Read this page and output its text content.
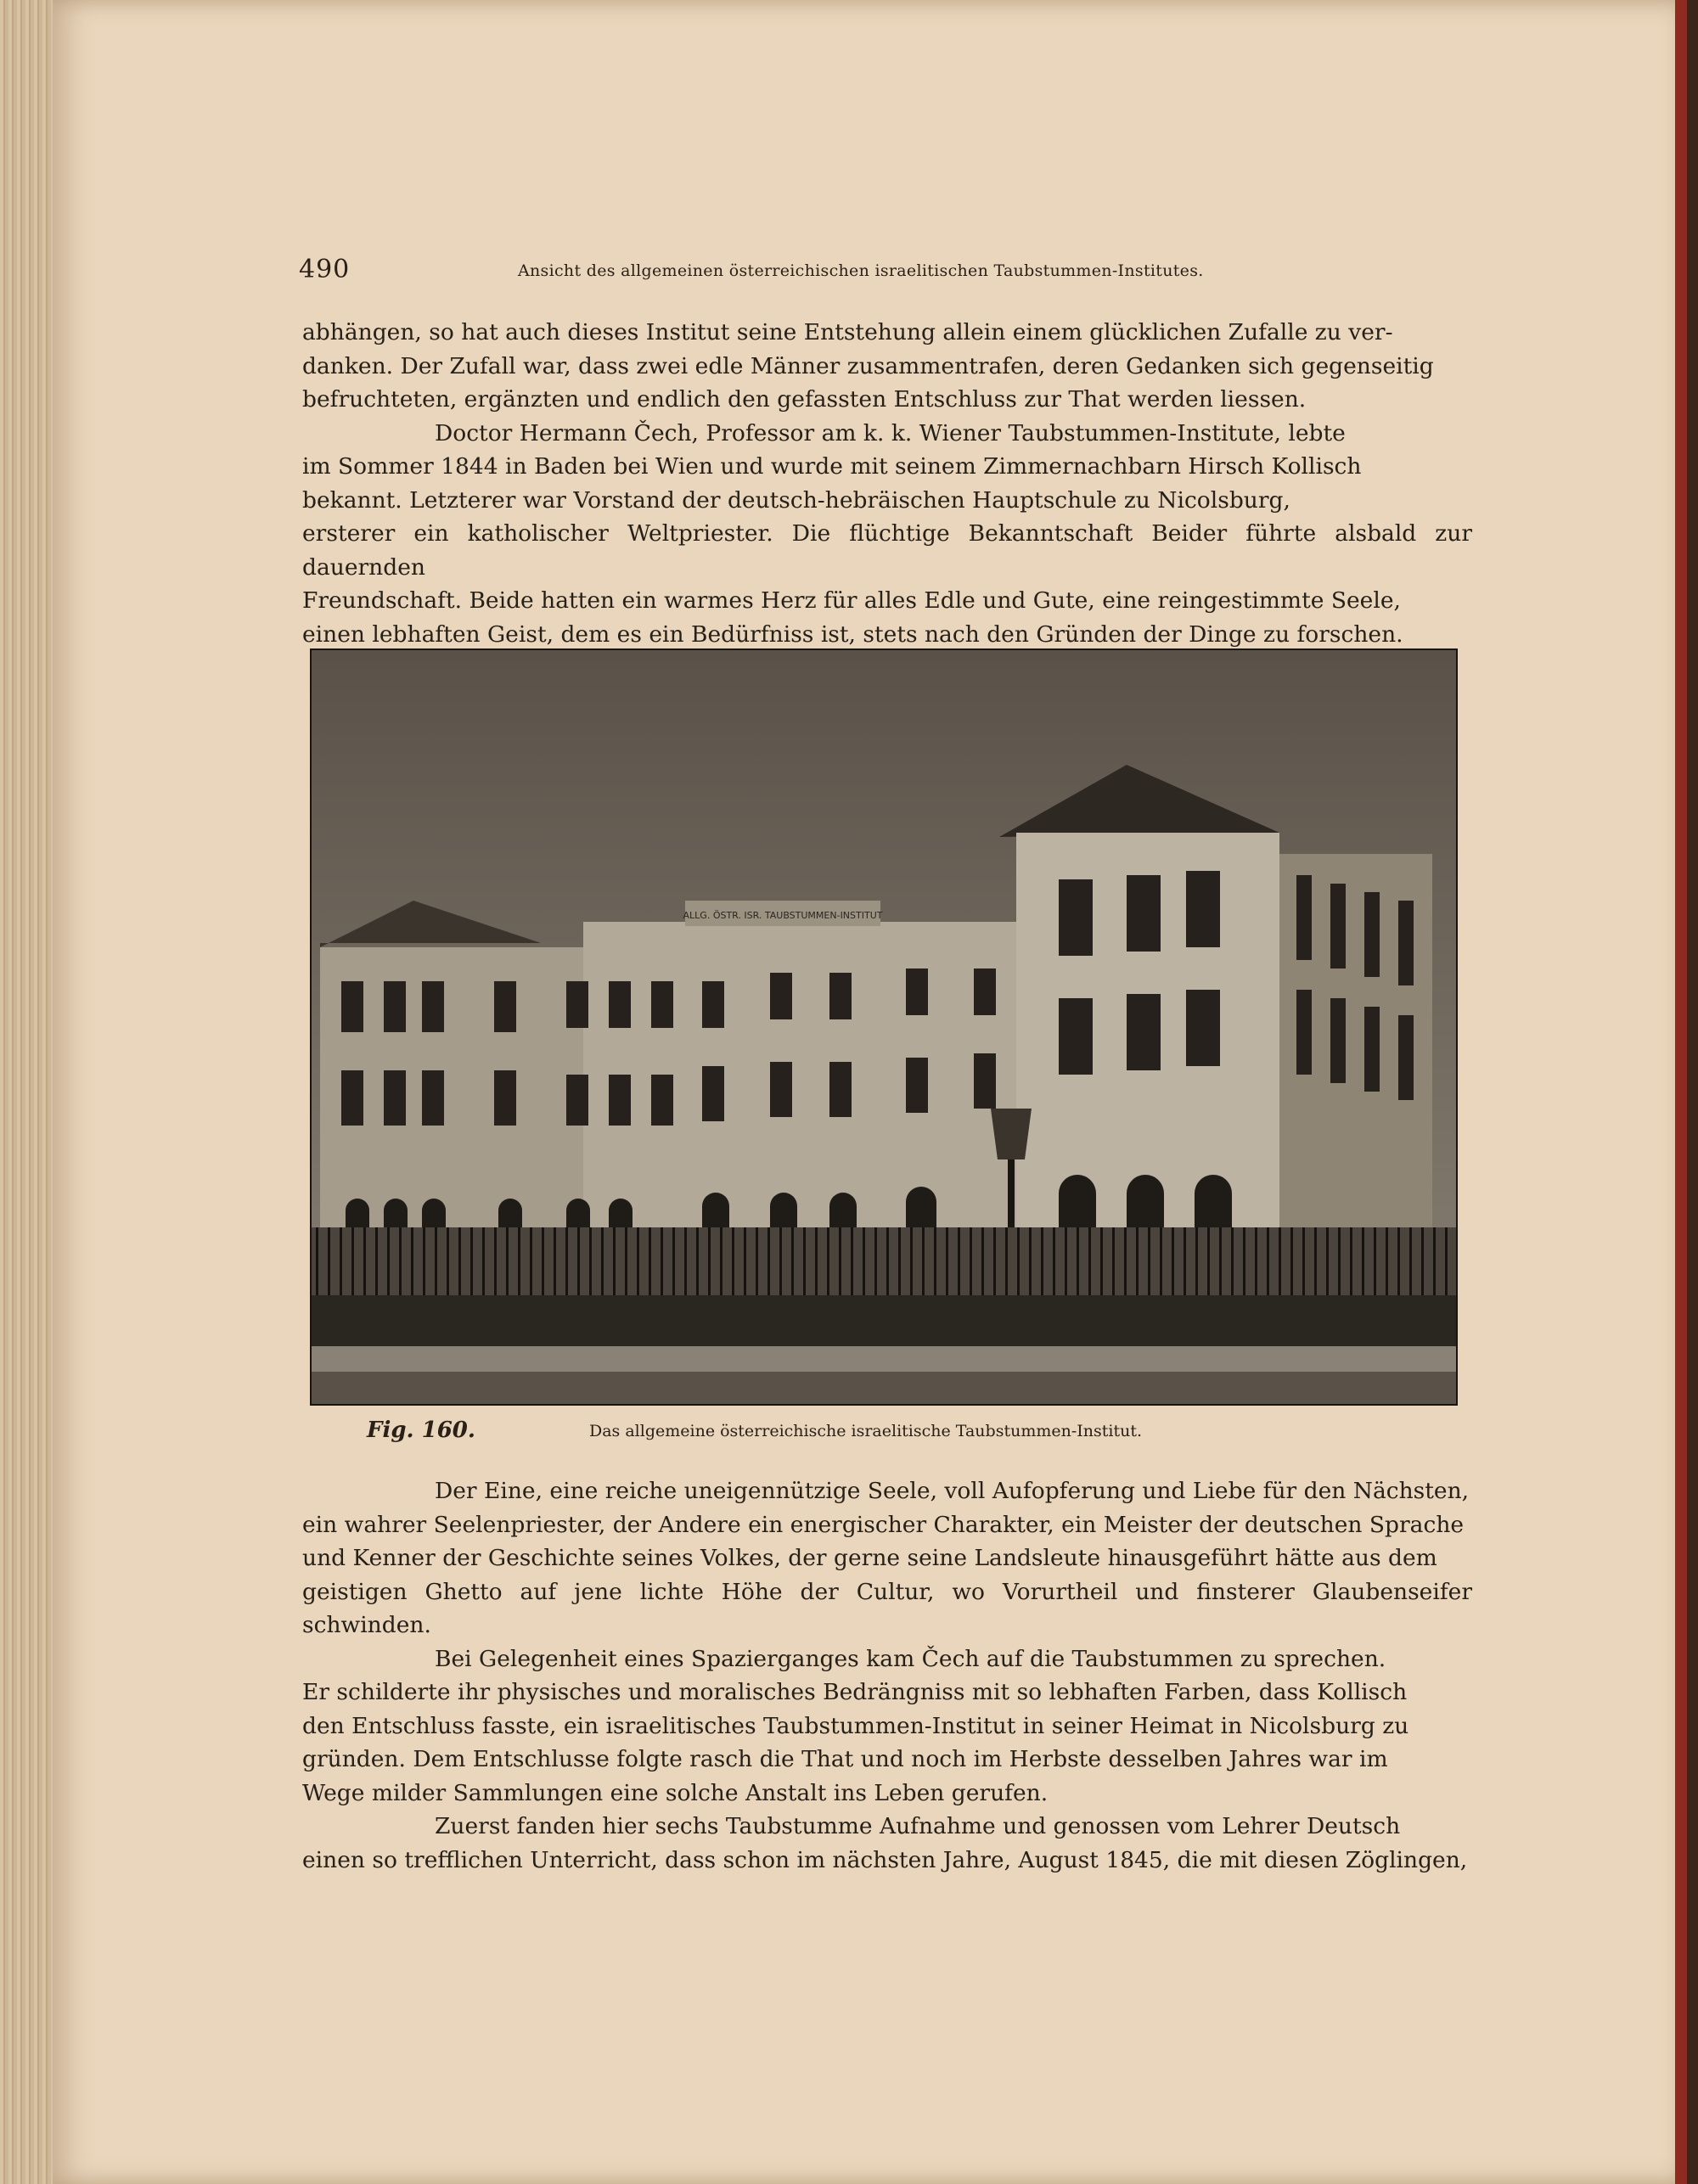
490	Ansicht des allgemeinen österreichischen israelitischen Taubstummen-Institutes.
abhängen, so hat auch dieses Institut seine Entstehung allein einem glücklichen Zufalle zu ver-
danken. Der Zufall war, dass zwei edle Männer zusammentrafen, deren Gedanken sich gegenseitig
befruchteten, ergänzten und endlich den gefassten Entschluss zur That werden liessen.
Doctor Hermann Čech, Professor am k. k. Wiener Taubstummen-Institute, lebte
im Sommer 1844 in Baden bei Wien und wurde mit seinem Zimmernachbarn Hirsch Kollisch
bekannt. Letzterer war Vorstand der deutsch-hebräischen Hauptschule zu Nicolsburg,
ersterer ein katholischer Weltpriester. Die flüchtige Bekanntschaft Beider führte alsbald zur dauernden
Freundschaft. Beide hatten ein warmes Herz für alles Edle und Gute, eine reingestimmte Seele,
einen lebhaften Geist, dem es ein Bedürfniss ist, stets nach den Gründen der Dinge zu forschen.
ALLG. ÖSTR. ISR. TAUBSTUMMEN-INSTITUT
Fig. 160.	Das allgemeine österreichische israelitische Taubstummen-Institut.
Der Eine, eine reiche uneigennützige Seele, voll Aufopferung und Liebe für den Nächsten,
ein wahrer Seelenpriester, der Andere ein energischer Charakter, ein Meister der deutschen Sprache
und Kenner der Geschichte seines Volkes, der gerne seine Landsleute hinausgeführt hätte aus dem
geistigen Ghetto auf jene lichte Höhe der Cultur, wo Vorurtheil und finsterer Glaubenseifer schwinden.
Bei Gelegenheit eines Spazierganges kam Čech auf die Taubstummen zu sprechen.
Er schilderte ihr physisches und moralisches Bedrängniss mit so lebhaften Farben, dass Kollisch
den Entschluss fasste, ein israelitisches Taubstummen-Institut in seiner Heimat in Nicolsburg zu
gründen. Dem Entschlusse folgte rasch die That und noch im Herbste desselben Jahres war im
Wege milder Sammlungen eine solche Anstalt ins Leben gerufen.
Zuerst fanden hier sechs Taubstumme Aufnahme und genossen vom Lehrer Deutsch
einen so trefflichen Unterricht, dass schon im nächsten Jahre, August 1845, die mit diesen Zöglingen,
